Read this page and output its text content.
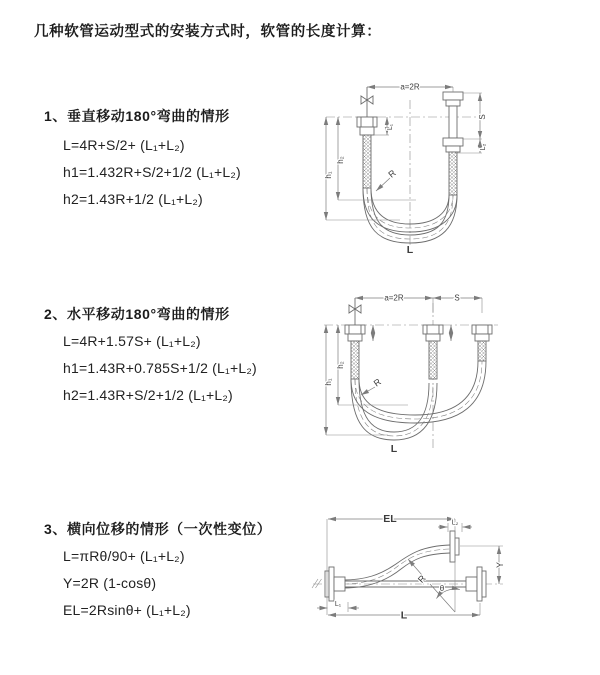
几种软管运动型式的安装方式时，软管的长度计算：
1、垂直移动180°弯曲的情形
L=4R+S/2+ (L₁+L₂)
h1=1.432R+S/2+1/2 (L₁+L₂)
h2=1.43R+1/2 (L₁+L₂)
2、水平移动180°弯曲的情形
L=4R+1.57S+ (L₁+L₂)
h1=1.43R+0.785S+1/2 (L₁+L₂)
h2=1.43R+S/2+1/2 (L₁+L₂)
3、横向位移的情形（一次性变位）
L=πRθ/90+ (L₁+L₂)
Y=2R (1-cosθ)
EL=2Rsinθ+ (L₁+L₂)
a=2R
S
L₂
L₁
h₂
h₁	R
L
a=2R	S
h₂
h₁	R
L
EL
L
Y
R
L₂
L₁
θ
